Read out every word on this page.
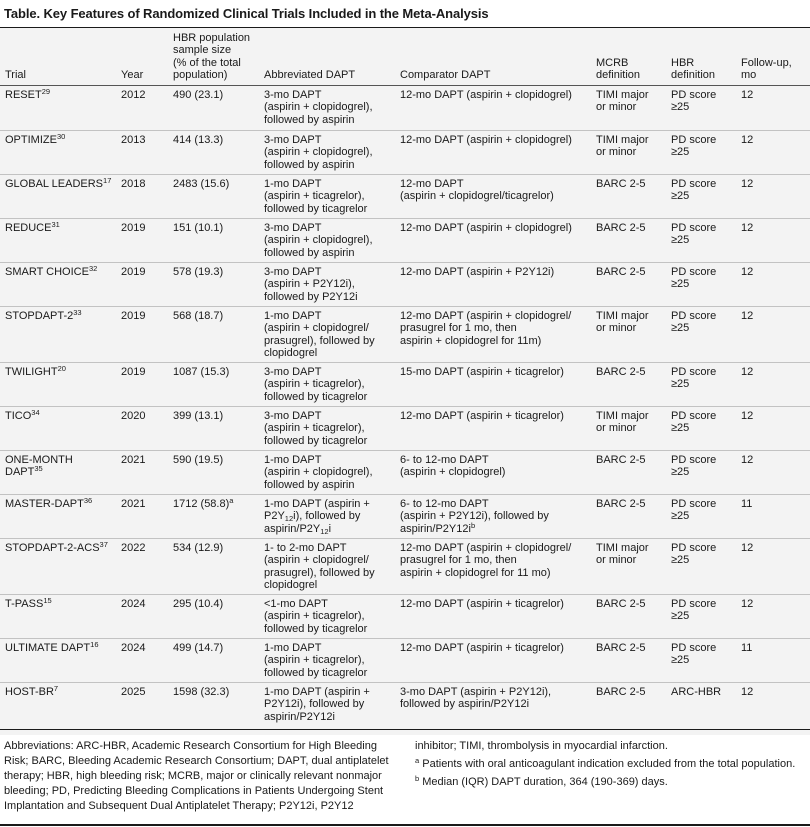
Table. Key Features of Randomized Clinical Trials Included in the Meta-Analysis
Trial	Year	HBR population
sample size
(% of the total
population)	Abbreviated DAPT	Comparator DAPT	MCRB
definition	HBR
definition	Follow-up,
mo

RESET$^{29}$	2012	490 (23.1)	3-mo DAPT
(aspirin + clopidogrel),
followed by aspirin	12-mo DAPT (aspirin + clopidogrel)	TIMI major
or minor	PD score
≥25	12

OPTIMIZE$^{30}$	2013	414 (13.3)	3-mo DAPT
(aspirin + clopidogrel),
followed by aspirin	12-mo DAPT (aspirin + clopidogrel)	TIMI major
or minor	PD score
≥25	12

GLOBAL LEADERS$^{17}$	2018	2483 (15.6)	1-mo DAPT
(aspirin + ticagrelor),
followed by ticagrelor	12-mo DAPT
(aspirin + clopidogrel/ticagrelor)	BARC 2-5	PD score
≥25	12

REDUCE$^{31}$	2019	151 (10.1)	3-mo DAPT
(aspirin + clopidogrel),
followed by aspirin	12-mo DAPT (aspirin + clopidogrel)	BARC 2-5	PD score
≥25	12

SMART CHOICE$^{32}$	2019	578 (19.3)	3-mo DAPT
(aspirin + P2Y12i),
followed by P2Y12i	12-mo DAPT (aspirin + P2Y12i)	BARC 2-5	PD score
≥25	12

STOPDAPT-$2^{33}$	2019	568 (18.7)	1-mo DAPT
(aspirin + clopidogrel/
prasugrel), followed by
clopidogrel	12-mo DAPT (aspirin + clopidogrel/
prasugrel for 1 mo, then
aspirin + clopidogrel for 11m)	TIMI major
or minor	PD score
≥25	12

TWILIGHT$^{20}$	2019	1087 (15.3)	3-mo DAPT
(aspirin + ticagrelor),
followed by ticagrelor	15-mo DAPT (aspirin + ticagrelor)	BARC 2-5	PD score
≥25	12

TICO$^{34}$	2020	399 (13.1)	3-mo DAPT
(aspirin + ticagrelor),
followed by ticagrelor	12-mo DAPT (aspirin + ticagrelor)	TIMI major
or minor	PD score
≥25	12

ONE-MONTH
DAPT$^{35}$	2021	590 (19.5)	1-mo DAPT
(aspirin + clopidogrel),
followed by aspirin	6- to 12-mo DAPT
(aspirin + clopidogrel)	BARC 2-5	PD score
≥25	12

MASTER-DAPT$^{36}$	2021	1712 $(58.8)^a$	1-mo DAPT (aspirin +
$P2Y_{12}i$), followed by
aspirin/$P2Y_{12}i$	6- to 12-mo DAPT
(aspirin + P2Y12i), followed by
aspirin/$P2Y12i^b$	BARC 2-5	PD score
≥25	11

STOPDAPT-2-ACS$^{37}$	2022	534 (12.9)	1- to 2-mo DAPT
(aspirin + clopidogrel/
prasugrel), followed by
clopidogrel	12-mo DAPT (aspirin + clopidogrel/
prasugrel for 1 mo, then
aspirin + clopidogrel for 11 mo)	TIMI major
or minor	PD score
≥25	12

T-PASS$^{15}$	2024	295 (10.4)	<1-mo DAPT
(aspirin + ticagrelor),
followed by ticagrelor	12-mo DAPT (aspirin + ticagrelor)	BARC 2-5	PD score
≥25	12

ULTIMATE DAPT$^{16}$	2024	499 (14.7)	1-mo DAPT
(aspirin + ticagrelor),
followed by ticagrelor	12-mo DAPT (aspirin + ticagrelor)	BARC 2-5	PD score
≥25	11

HOST-$BR^7$	2025	1598 (32.3)	1-mo DAPT (aspirin +
P2Y12i), followed by
aspirin/P2Y12i	3-mo DAPT (aspirin + P2Y12i),
followed by aspirin/P2Y12i	BARC 2-5	ARC-HBR	12
Abbreviations: ARC-HBR, Academic Research Consortium for High Bleeding Risk; BARC, Bleeding Academic Research Consortium; DAPT, dual antiplatelet therapy; HBR, high bleeding risk; MCRB, major or clinically relevant nonmajor bleeding; PD, Predicting Bleeding Complications in Patients Undergoing Stent Implantation and Subsequent Dual Antiplatelet Therapy; P2Y12i, P2Y12
inhibitor; TIMI, thrombolysis in myocardial infarction.
$^a$ Patients with oral anticoagulant indication excluded from the total population.
$^b$ Median (IQR) DAPT duration, 364 (190-369) days.
